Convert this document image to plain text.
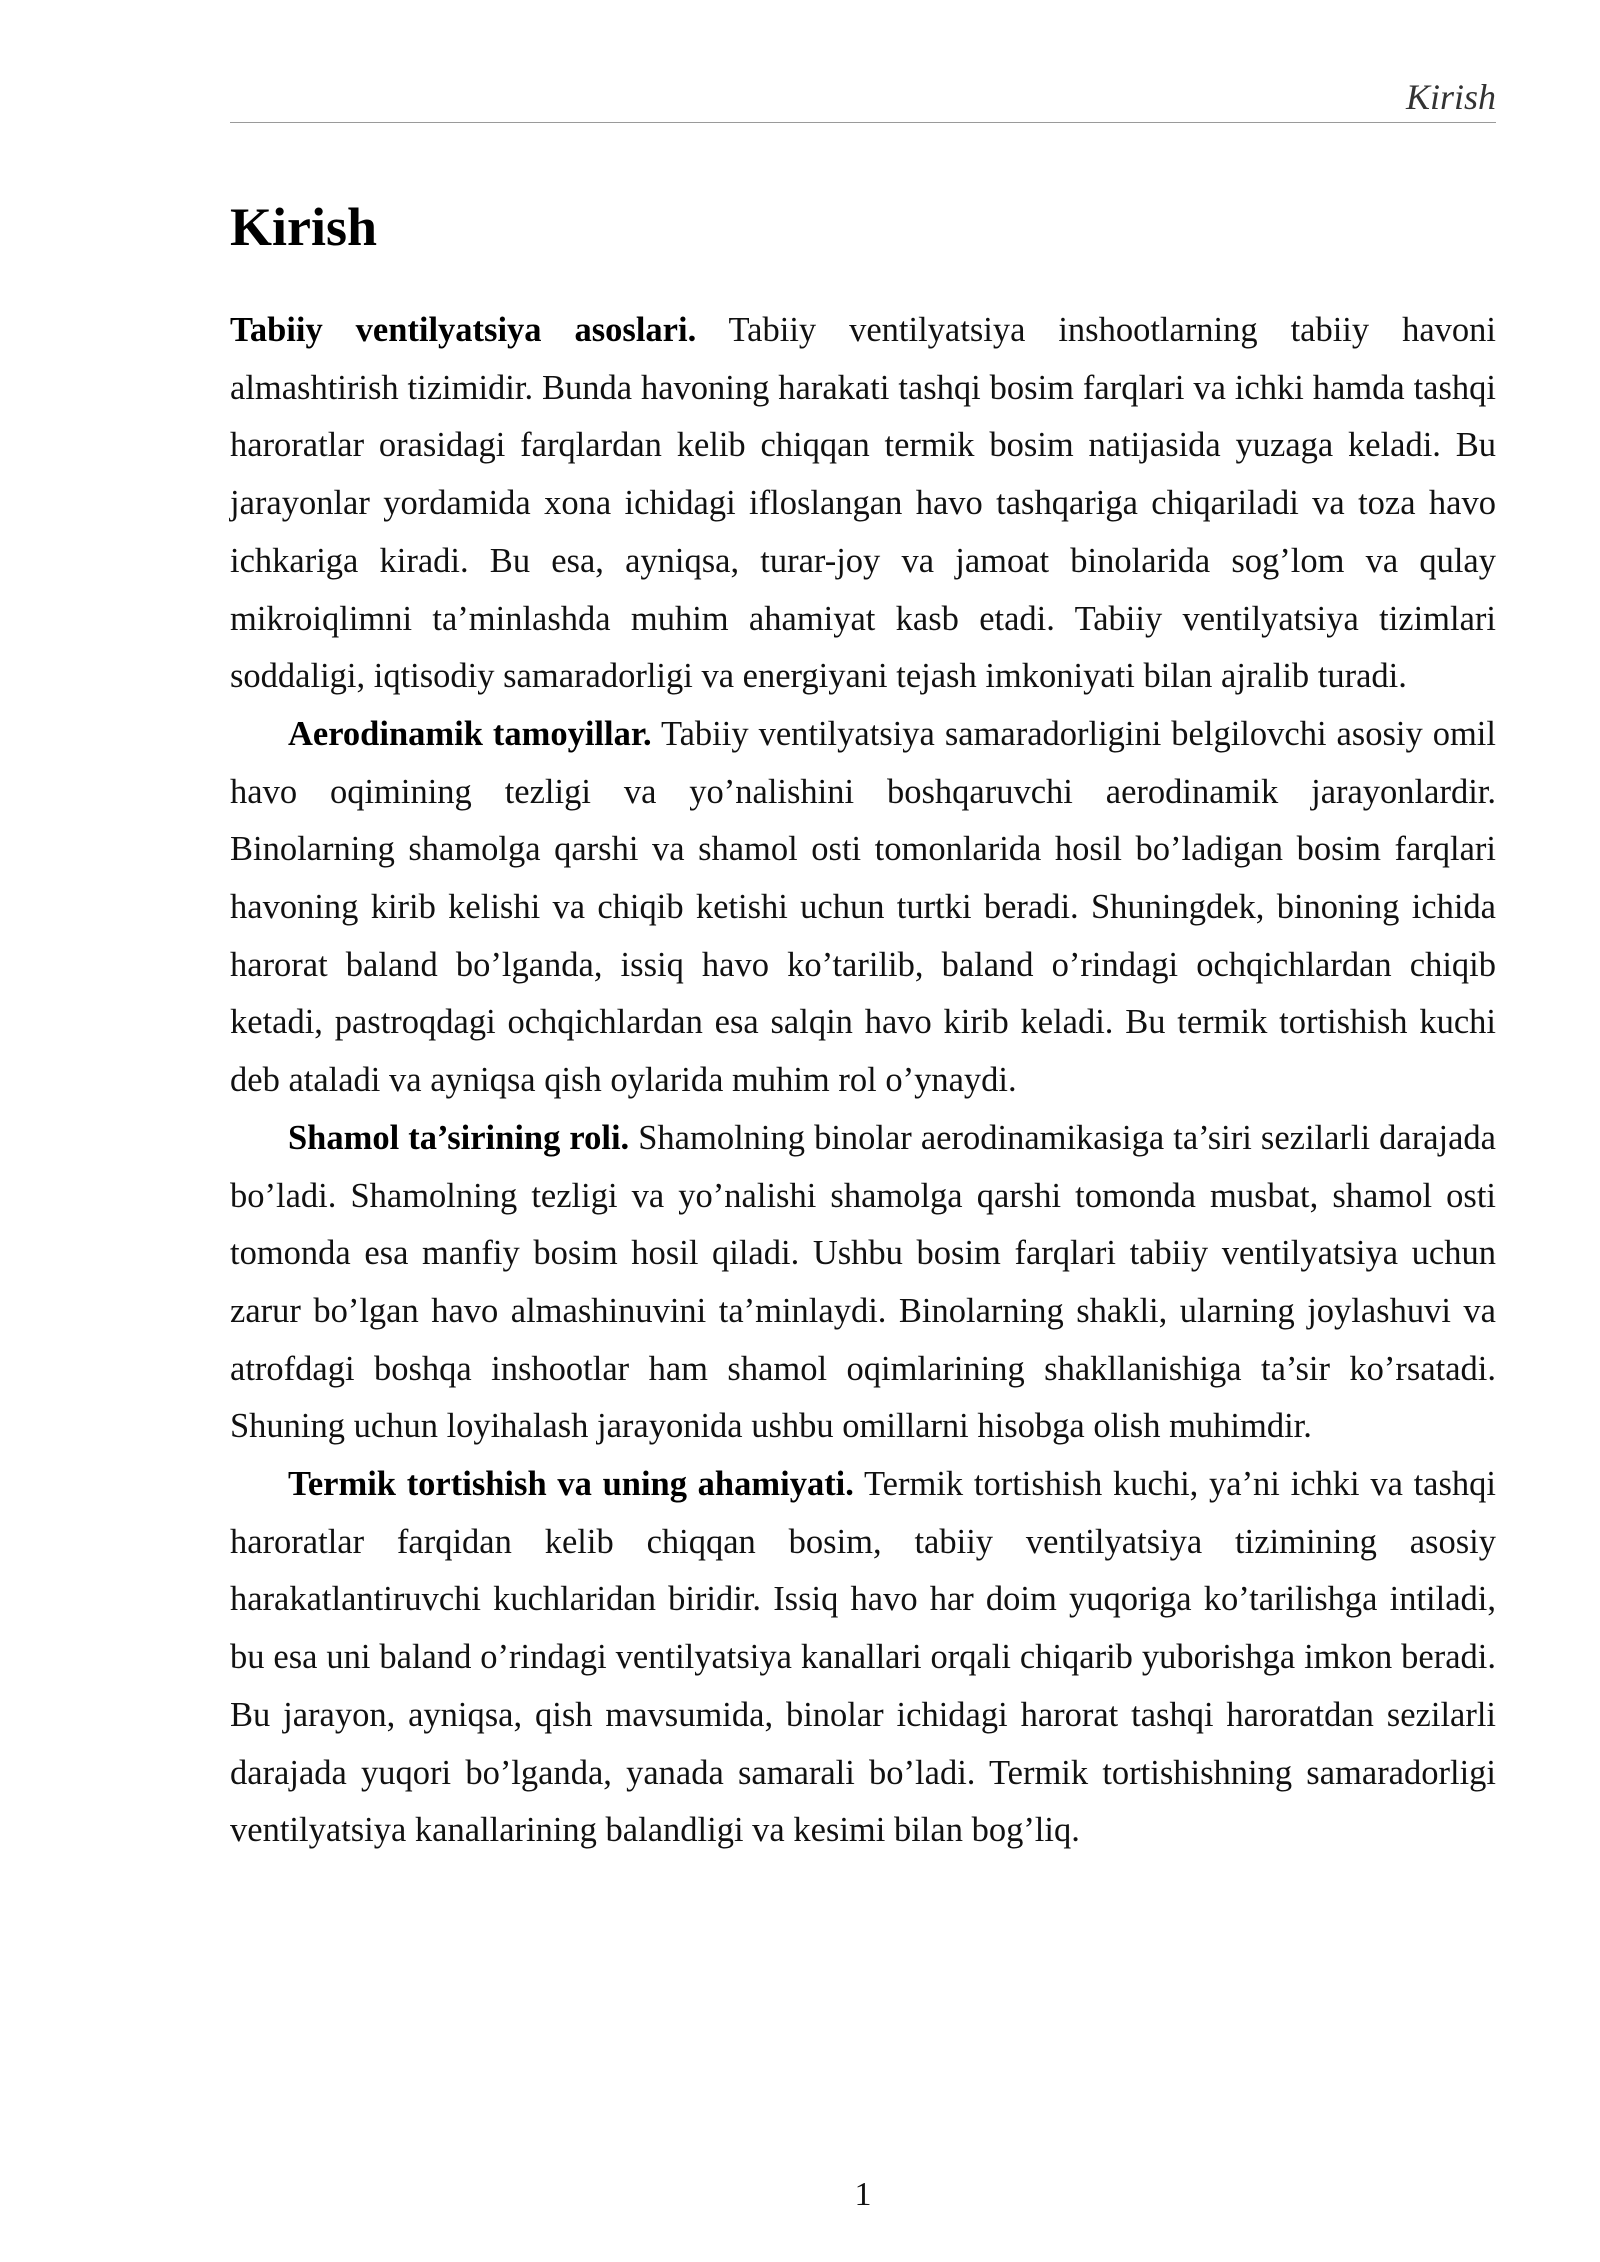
Kirish
Kirish

Tabiiy ventilyatsiya asoslari. Tabiiy ventilyatsiya inshootlarning tabiiy havoni almashtirish tizimidir. Bunda havoning harakati tashqi bosim farqlari va ichki hamda tashqi haroratlar orasidagi farqlardan kelib chiqqan termik bosim natijasida yuzaga keladi. Bu jarayonlar yordamida xona ichidagi ifloslangan havo tashqariga chiqariladi va toza havo ichkariga kiradi. Bu esa, ayniqsa, turar-joy va jamoat binolarida sog’lom va qulay mikroiqlimni ta’minlashda muhim ahamiyat kasb etadi. Tabiiy ventilyatsiya tizimlari soddaligi, iqtisodiy samaradorligi va energiyani tejash imkoniyati bilan ajralib turadi.

Aerodinamik tamoyillar. Tabiiy ventilyatsiya samaradorligini belgilovchi asosiy omil havo oqimining tezligi va yo’nalishini boshqaruvchi aerodinamik jarayonlardir. Binolarning shamolga qarshi va shamol osti tomonlarida hosil bo’ladigan bosim farqlari havoning kirib kelishi va chiqib ketishi uchun turtki beradi. Shuningdek, binoning ichida harorat baland bo’lganda, issiq havo ko’tarilib, baland o’rindagi ochqichlardan chiqib ketadi, pastroqdagi ochqichlardan esa salqin havo kirib keladi. Bu termik tortishish kuchi deb ataladi va ayniqsa qish oylarida muhim rol o’ynaydi.

Shamol ta’sirining roli. Shamolning binolar aerodinamikasiga ta’siri sezilarli darajada bo’ladi. Shamolning tezligi va yo’nalishi shamolga qarshi tomonda musbat, shamol osti tomonda esa manfiy bosim hosil qiladi. Ushbu bosim farqlari tabiiy ventilyatsiya uchun zarur bo’lgan havo almashinuvini ta’minlaydi. Binolarning shakli, ularning joylashuvi va atrofdagi boshqa inshootlar ham shamol oqimlarining shakllanishiga ta’sir ko’rsatadi. Shuning uchun loyihalash jarayonida ushbu omillarni hisobga olish muhimdir.

Termik tortishish va uning ahamiyati. Termik tortishish kuchi, ya’ni ichki va tashqi haroratlar farqidan kelib chiqqan bosim, tabiiy ventilyatsiya tizimining asosiy harakatlantiruvchi kuchlaridan biridir. Issiq havo har doim yuqoriga ko’tarilishga intiladi, bu esa uni baland o’rindagi ventilyatsiya kanallari orqali chiqarib yuborishga imkon beradi. Bu jarayon, ayniqsa, qish mavsumida, binolar ichidagi harorat tashqi haroratdan sezilarli darajada yuqori bo’lganda, yanada samarali bo’ladi. Termik tortishishning samaradorligi ventilyatsiya kanallarining balandligi va kesimi bilan bog’liq.

1
